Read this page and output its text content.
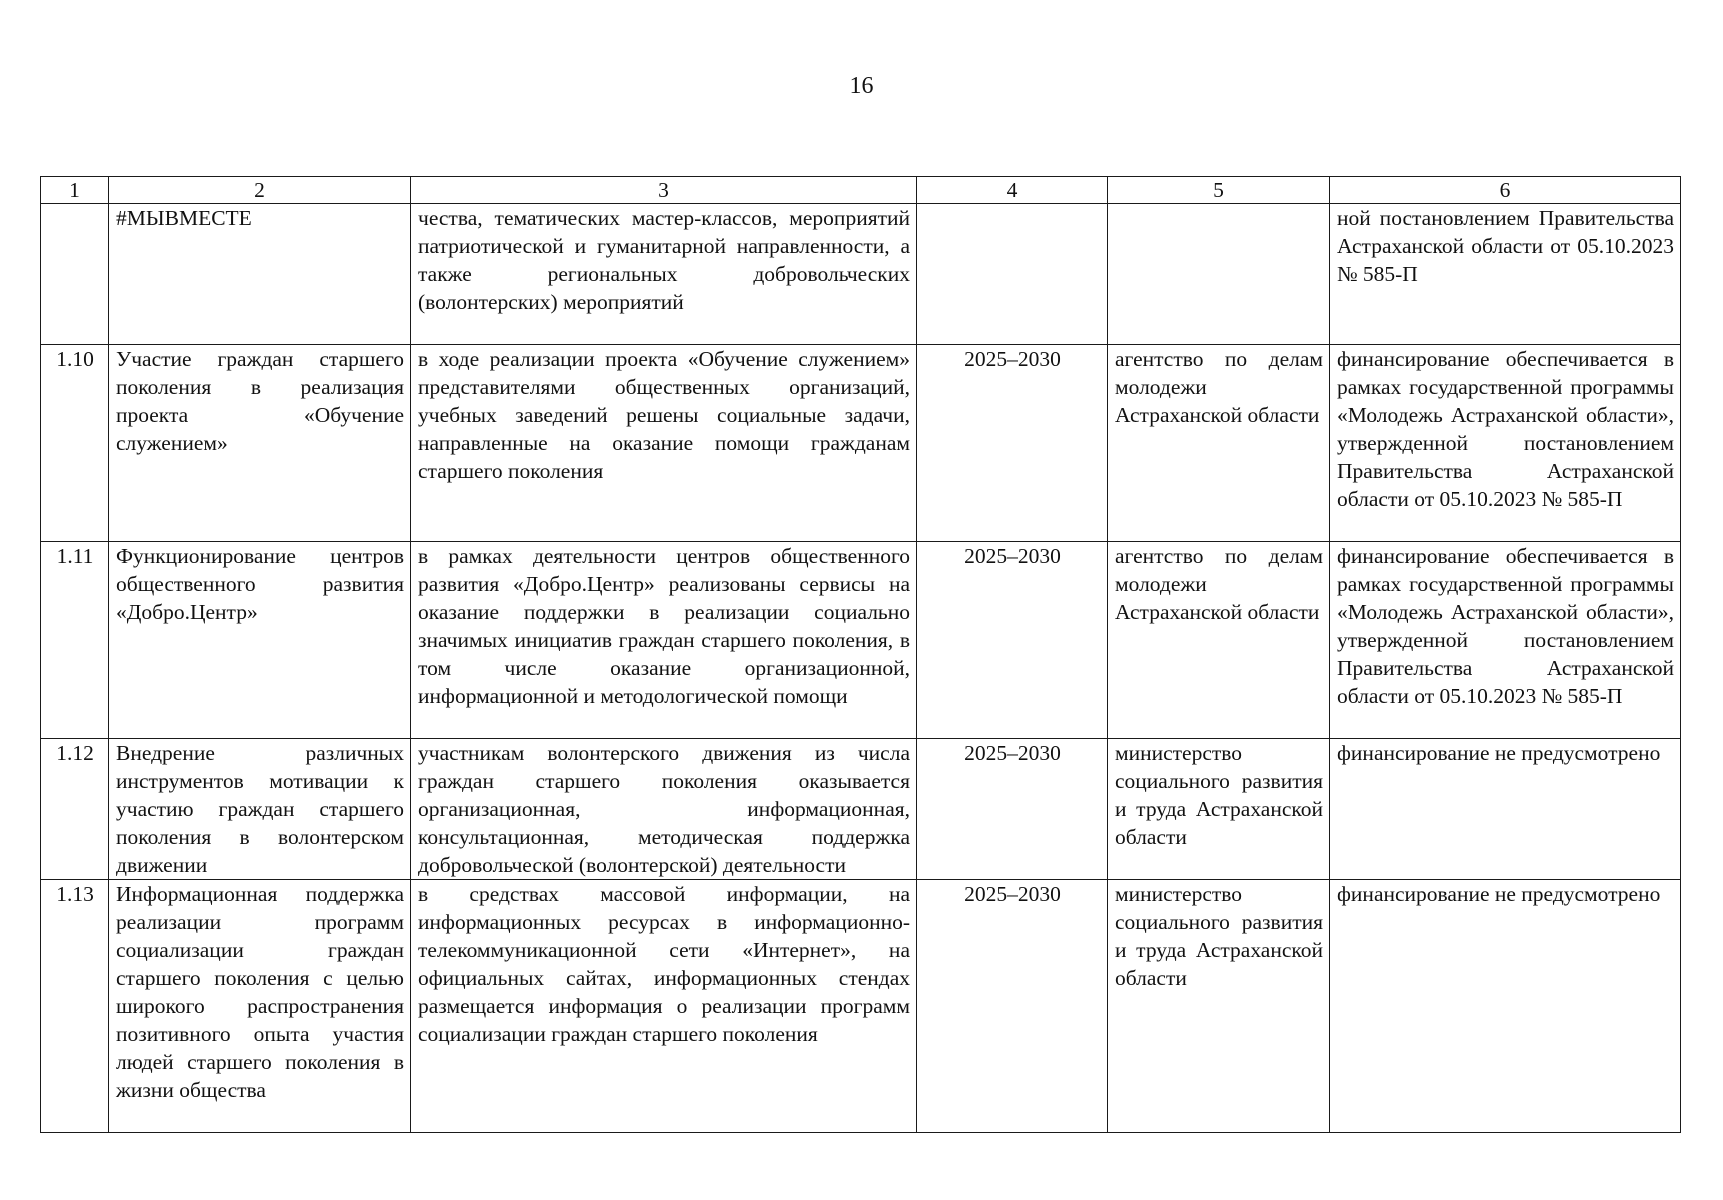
16
1	2	3	4	5	6
	#МЫВМЕСТЕ	чества, тематических мастер-классов, мероприятий патриотической и гуманитарной направленности, а также региональных добровольческих (волонтерских) мероприятий			ной постановлением Правительства Астраханской области от 05.10.2023 № 585-П
1.10	Участие граждан старшего поколения в реализация проекта «Обучение служением»	в ходе реализации проекта «Обучение служением» представителями общественных организаций, учебных заведений решены социальные задачи, направленные на оказание помощи гражданам старшего поколения	2025–2030	агентство по делам молодежи Астраханской области	финансирование обеспечивается в рамках государственной программы «Молодежь Астраханской области», утвержденной постановлением Правительства Астраханской области от 05.10.2023 № 585-П
1.11	Функционирование центров общественного развития «Добро.Центр»	в рамках деятельности центров общественного развития «Добро.Центр» реализованы сервисы на оказание поддержки в реализации социально значимых инициатив граждан старшего поколения, в том числе оказание организационной, информационной и методологической помощи	2025–2030	агентство по делам молодежи Астраханской области	финансирование обеспечивается в рамках государственной программы «Молодежь Астраханской области», утвержденной постановлением Правительства Астраханской области от 05.10.2023 № 585-П
1.12	Внедрение различных инструментов мотивации к участию граждан старшего поколения в волонтерском движении	участникам волонтерского движения из числа граждан старшего поколения оказывается организационная, информационная, консультационная, методическая поддержка добровольческой (волонтерской) деятельности	2025–2030	министерство социального развития и труда Астраханской области	финансирование не предусмотрено
1.13	Информационная поддержка реализации программ социализации граждан старшего поколения с целью широкого распространения позитивного опыта участия людей старшего поколения в жизни общества	в средствах массовой информации, на информационных ресурсах в информационно-телекоммуникационной сети «Интернет», на официальных сайтах, информационных стендах размещается информация о реализации программ социализации граждан старшего поколения	2025–2030	министерство социального развития и труда Астраханской области	финансирование не предусмотрено
